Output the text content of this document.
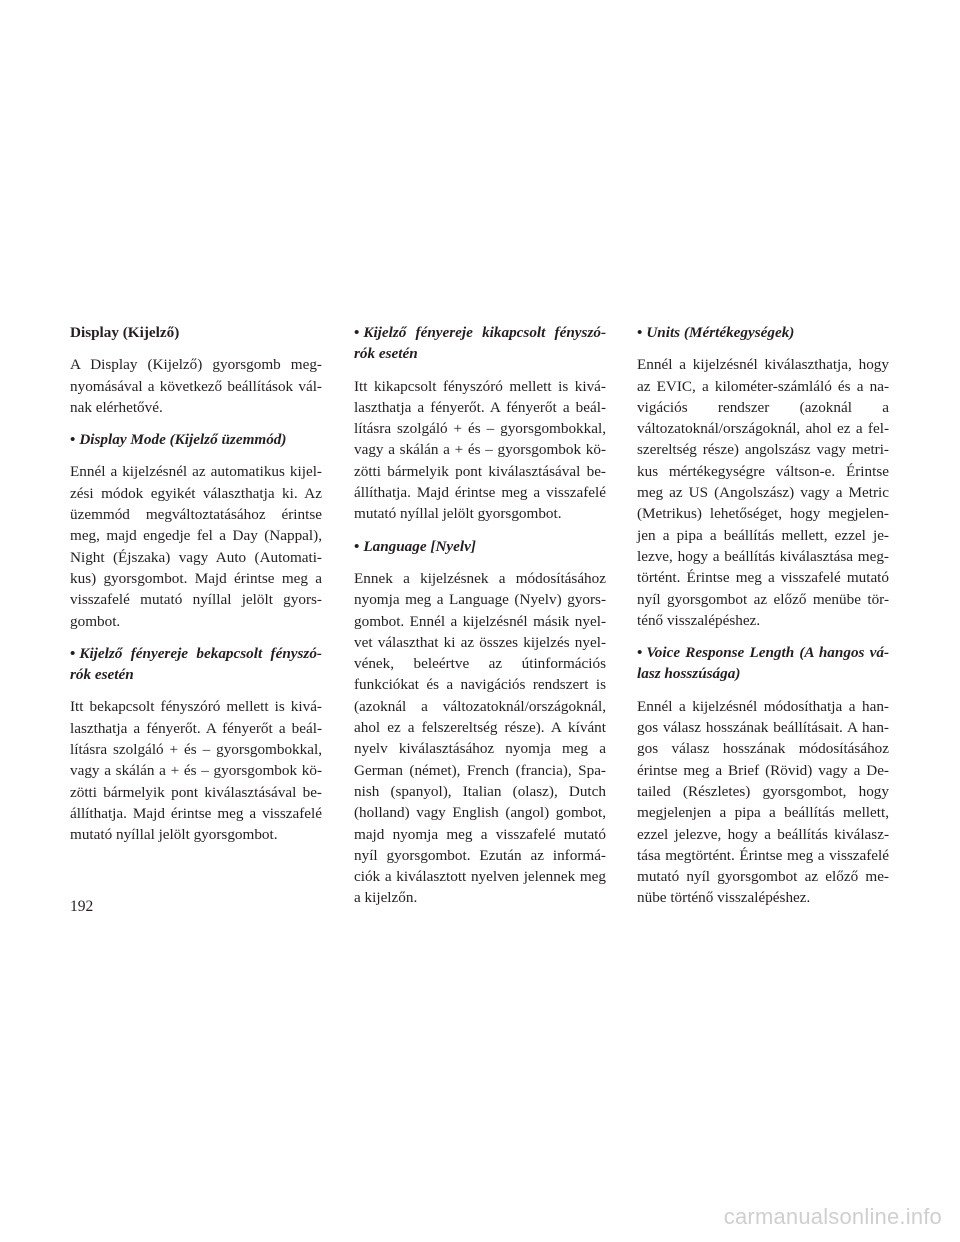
Display (Kijelző)

A Display (Kijelző) gyorsgomb meg-nyomásával a következő beállítások vál-nak elérhetővé.

• Display Mode (Kijelző üzemmód)

Ennél a kijelzésnél az automatikus kijel-zési módok egyikét választhatja ki. Az üzemmód megváltoztatásához érintse meg, majd engedje fel a Day (Nappal), Night (Éjszaka) vagy Auto (Automati-kus) gyorsgombot. Majd érintse meg a visszafelé mutató nyíllal jelölt gyors-gombot.

• Kijelző fényereje bekapcsolt fényszó-rók esetén

Itt bekapcsolt fényszóró mellett is kivá-laszthatja a fényerőt. A fényerőt a beál-lításra szolgáló + és – gyorsgombokkal, vagy a skálán a + és – gyorsgombok kö-zötti bármelyik pont kiválasztásával be-állíthatja. Majd érintse meg a visszafelé mutató nyíllal jelölt gyorsgombot.

• Kijelző fényereje kikapcsolt fényszó-rók esetén

Itt kikapcsolt fényszóró mellett is kivá-laszthatja a fényerőt. A fényerőt a beál-lításra szolgáló + és – gyorsgombokkal, vagy a skálán a + és – gyorsgombok kö-zötti bármelyik pont kiválasztásával be-állíthatja. Majd érintse meg a visszafelé mutató nyíllal jelölt gyorsgombot.

• Language [Nyelv]

Ennek a kijelzésnek a módosításához nyomja meg a Language (Nyelv) gyors-gombot. Ennél a kijelzésnél másik nyel-vet választhat ki az összes kijelzés nyel-vének, beleértve az útinformációs funkciókat és a navigációs rendszert is (azoknál a változatoknál/országoknál, ahol ez a felszereltség része). A kívánt nyelv kiválasztásához nyomja meg a German (német), French (francia), Spa-nish (spanyol), Italian (olasz), Dutch (holland) vagy English (angol) gombot, majd nyomja meg a visszafelé mutató nyíl gyorsgombot. Ezután az informá-ciók a kiválasztott nyelven jelennek meg a kijelzőn.

• Units (Mértékegységek)

Ennél a kijelzésnél kiválaszthatja, hogy az EVIC, a kilométer-számláló és a na-vigációs rendszer (azoknál a változatoknál/országoknál, ahol ez a fel-szereltség része) angolszász vagy metri-kus mértékegységre váltson-e. Érintse meg az US (Angolszász) vagy a Metric (Metrikus) lehetőséget, hogy megjelen-jen a pipa a beállítás mellett, ezzel je-lezve, hogy a beállítás kiválasztása meg-történt. Érintse meg a visszafelé mutató nyíl gyorsgombot az előző menübe tör-ténő visszalépéshez.

• Voice Response Length (A hangos vá-lasz hosszúsága)

Ennél a kijelzésnél módosíthatja a han-gos válasz hosszának beállításait. A han-gos válasz hosszának módosításához érintse meg a Brief (Rövid) vagy a De-tailed (Részletes) gyorsgombot, hogy megjelenjen a pipa a beállítás mellett, ezzel jelezve, hogy a beállítás kiválasz-tása megtörtént. Érintse meg a visszafelé mutató nyíl gyorsgombot az előző me-nübe történő visszalépéshez.

192
carmanualsonline.info
